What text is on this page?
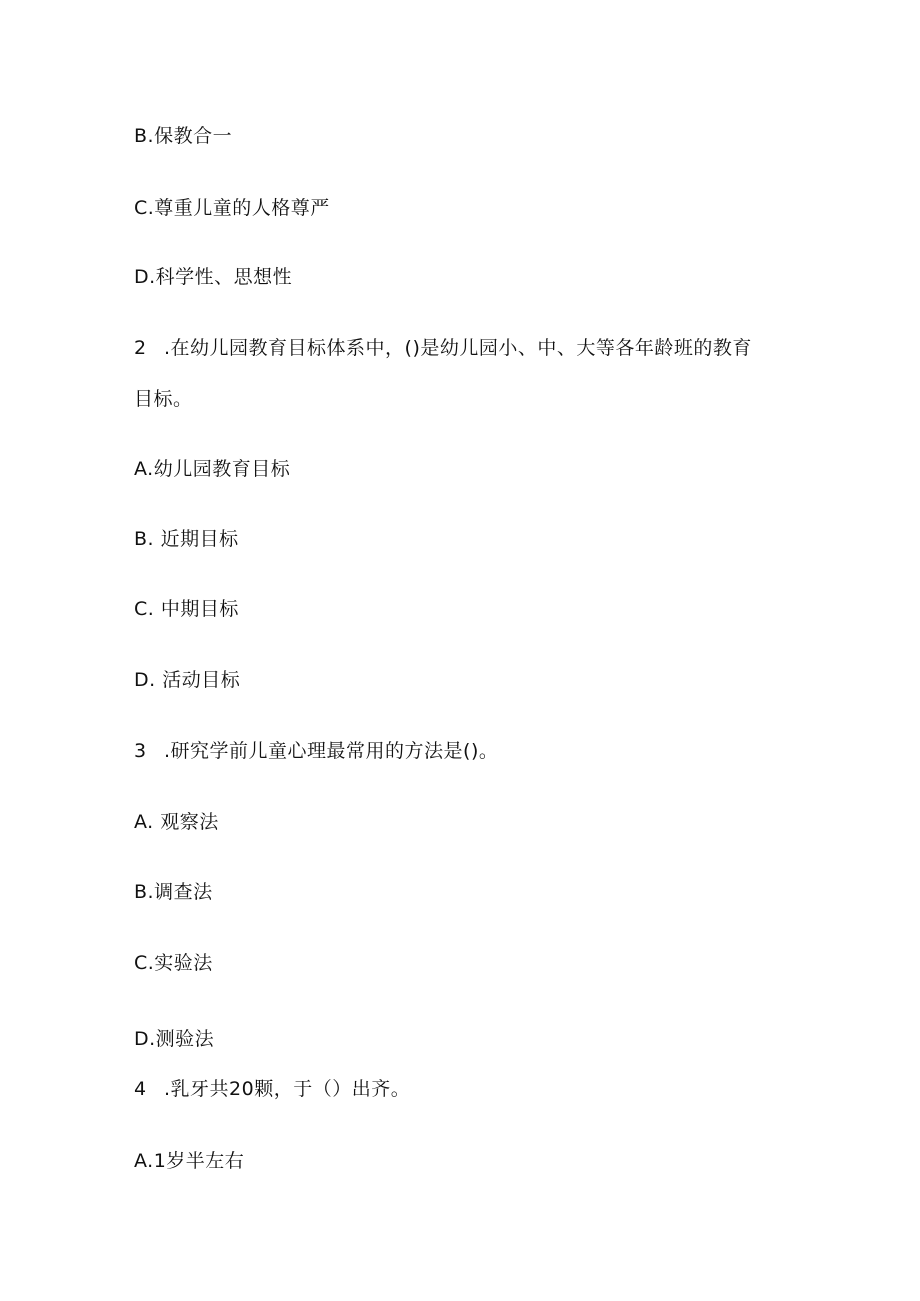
B.保教合一
C.尊重儿童的人格尊严
D.科学性、思想性
2 .在幼儿园教育目标体系中，()是幼儿园小、中、大等各年龄班的教育
目标。
A.幼儿园教育目标
B. 近期目标
C. 中期目标
D. 活动目标
3 .研究学前儿童心理最常用的方法是()。
A. 观察法
B.调查法
C.实验法
D.测验法
4 .乳牙共20颗，于（）出齐。
A.1岁半左右
